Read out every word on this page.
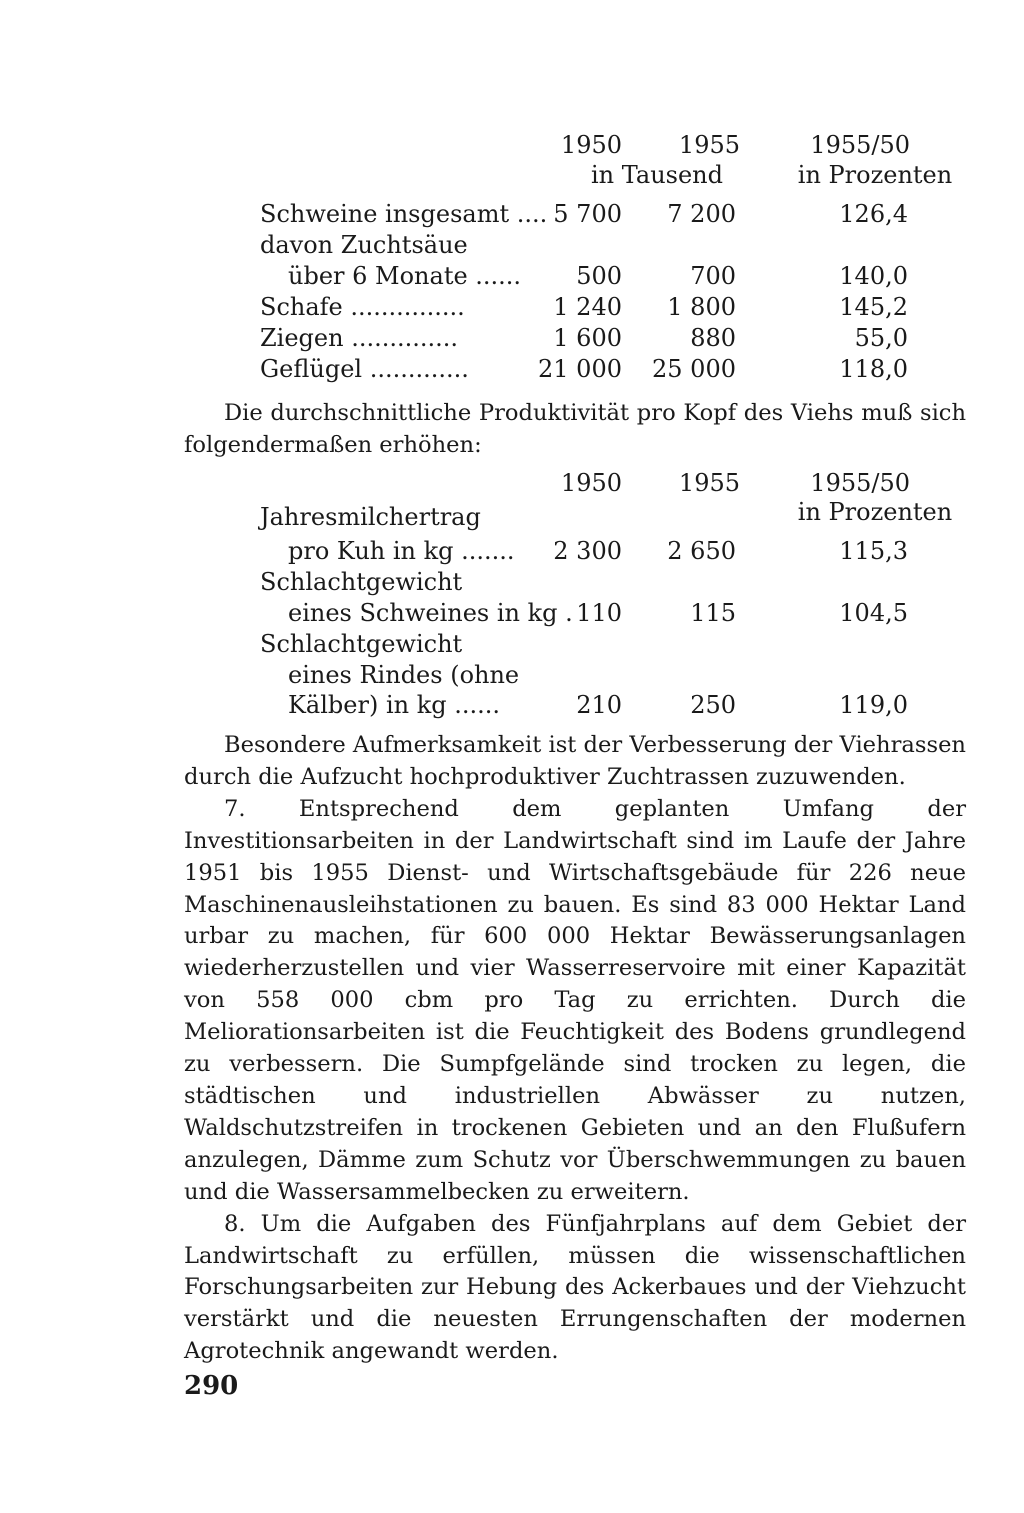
1950	1955	1955/50
in Tausend	in Prozenten
Schweine insgesamt .... 5 700	7 200	126,4
davon Zuchtsäue
über 6 Monate ......	500	700	140,0
Schafe ...............	1 240	1 800	145,2
Ziegen ..............	1 600	880	55,0
Geflügel .............	21 000	25 000	118,0

Die durchschnittliche Produktivität pro Kopf des Viehs muß sich folgendermaßen erhöhen:

1950	1955	1955/50
in Prozenten
Jahresmilchertrag
pro Kuh in kg .......	2 300	2 650	115,3
Schlachtgewicht
eines Schweines in kg . 110	115	104,5
Schlachtgewicht
eines Rindes (ohne
Kälber) in kg ......	210	250	119,0

Besondere Aufmerksamkeit ist der Verbesserung der Viehrassen durch die Aufzucht hochproduktiver Zuchtrassen zuzuwenden.

7. Entsprechend dem geplanten Umfang der Investitionsarbeiten in der Landwirtschaft sind im Laufe der Jahre 1951 bis 1955 Dienst- und Wirtschaftsgebäude für 226 neue Maschinenausleihstationen zu bauen. Es sind 83 000 Hektar Land urbar zu machen, für 600 000 Hektar Bewässerungsanlagen wiederherzustellen und vier Wasserreservoire mit einer Kapazität von 558 000 cbm pro Tag zu errichten. Durch die Meliorationsarbeiten ist die Feuchtigkeit des Bodens grundlegend zu verbessern. Die Sumpfgelände sind trocken zu legen, die städtischen und industriellen Abwässer zu nutzen, Waldschutzstreifen in trockenen Gebieten und an den Flußufern anzulegen, Dämme zum Schutz vor Überschwemmungen zu bauen und die Wassersammelbecken zu erweitern.

8. Um die Aufgaben des Fünfjahrplans auf dem Gebiet der Landwirtschaft zu erfüllen, müssen die wissenschaftlichen Forschungsarbeiten zur Hebung des Ackerbaues und der Viehzucht verstärkt und die neuesten Errungenschaften der modernen Agrotechnik angewandt werden.

290
